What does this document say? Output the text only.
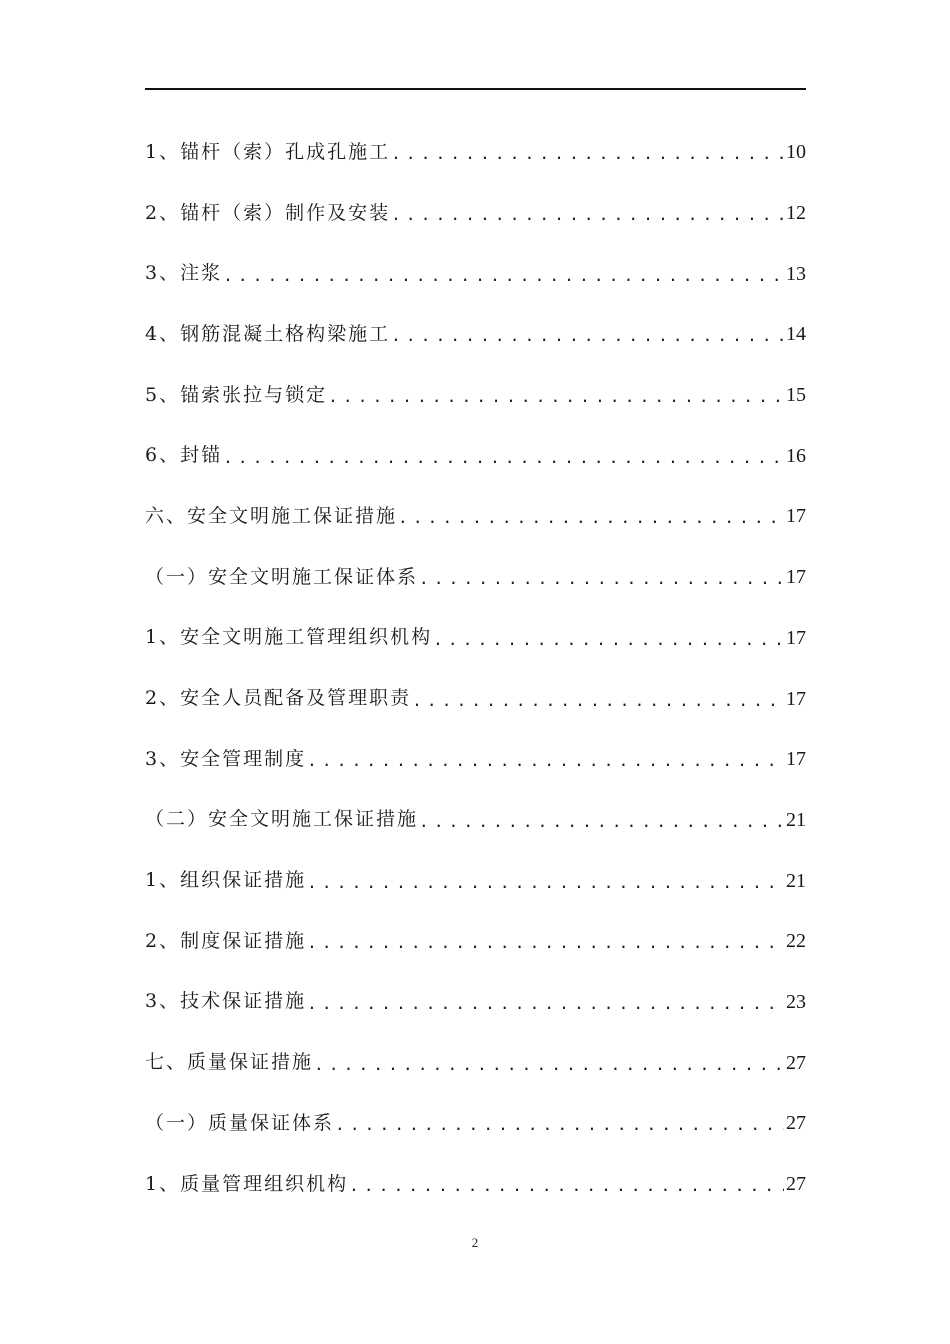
1、锚杆（索）孔成孔施工 .....	10
2、锚杆（索）制作及安装 .....	12
3、注浆 .....	13
4、钢筋混凝土格构梁施工 .....	14
5、锚索张拉与锁定 .....	15
6、封锚 .....	16
六、安全文明施工保证措施 .....	17
（一）安全文明施工保证体系 .....	17
1、安全文明施工管理组织机构 .....	17
2、安全人员配备及管理职责 .....	17
3、安全管理制度 .....	17
（二）安全文明施工保证措施 .....	21
1、组织保证措施 .....	21
2、制度保证措施 .....	22
3、技术保证措施 .....	23
七、质量保证措施 .....	27
（一）质量保证体系 .....	27
1、质量管理组织机构 .....	27
2
